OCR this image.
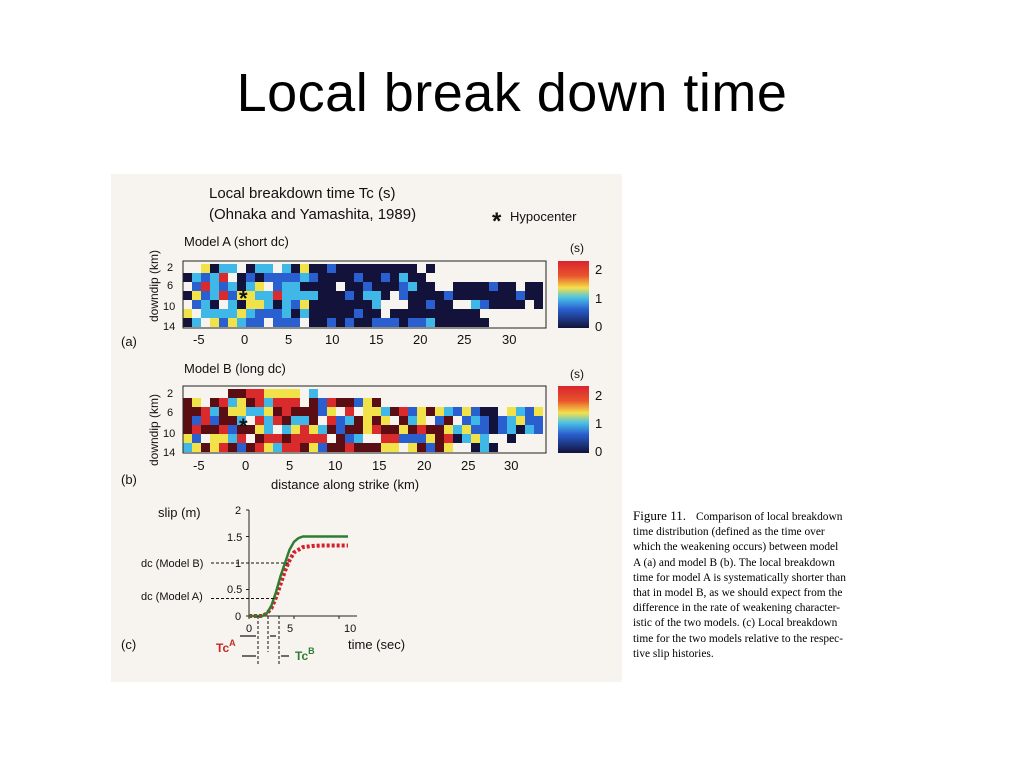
Local break down time
Local breakdown time Tc (s)
(Ohnaka and Yamashita, 1989)	* Hypocenter
Model A (short dc)
downdip (km) 2
6
10
14
-5	0	5	10 15 20 25 30
(a)
*
(s)
2
1
0
Model B (long dc)
downdip (km) 2
6
10
14
-5	0	5	10 15 20 25 30
distance along strike (km)
(b)
*
(s)
2
1
0
slip (m)	2
1.5
1
0.5
0
dc (Model B)
dc (Model A)
0	5	10
time (sec)
(c)	$Tc^A$
$Tc^B$
Figure 11. Comparison of local breakdown
time distribution (defined as the time over
which the weakening occurs) between model
A (a) and model B (b). The local breakdown
time for model A is systematically shorter than
that in model B, as we should expect from the
difference in the rate of weakening character-
istic of the two models. (c) Local breakdown
time for the two models relative to the respec-
tive slip histories.
